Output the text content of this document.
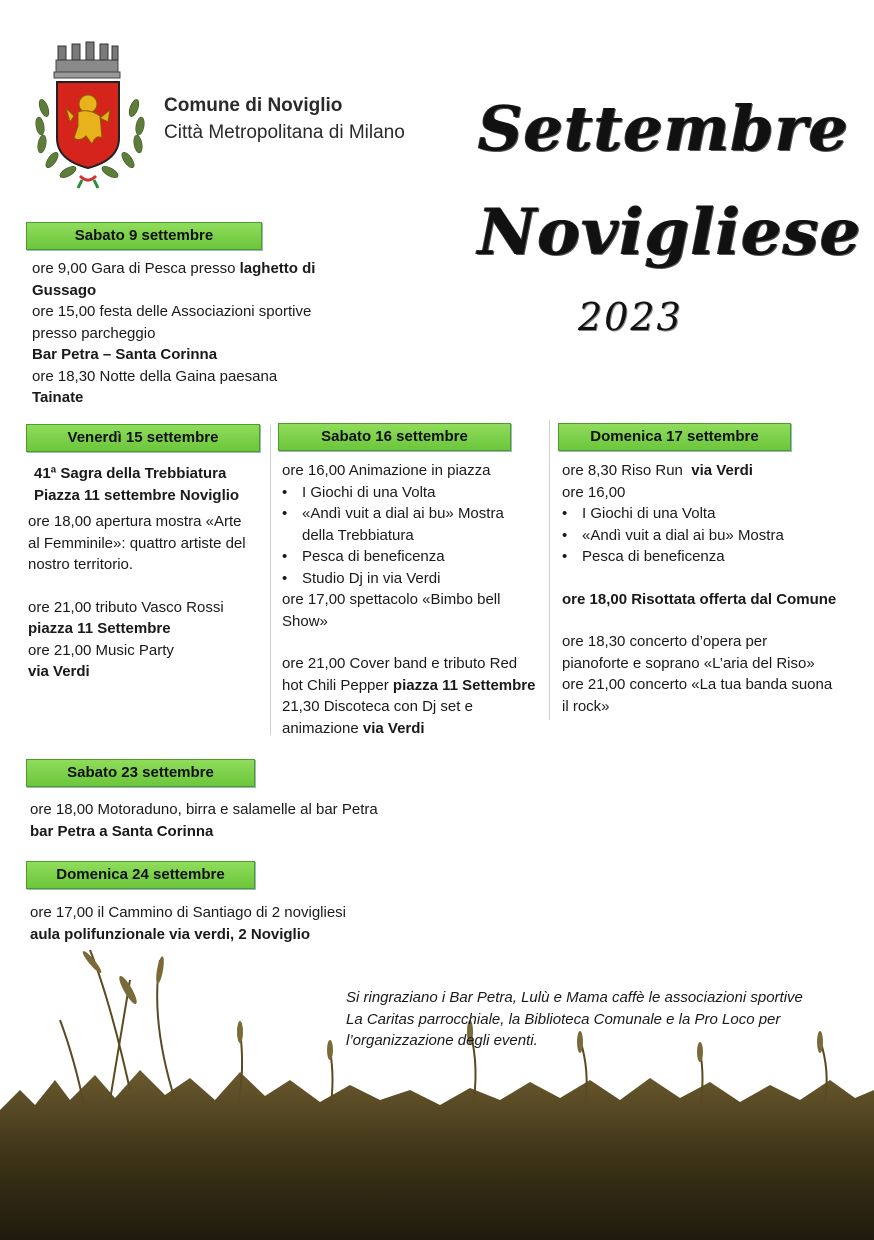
Comune di Noviglio
Città Metropolitana di Milano Settembre
Novigliese
2023
Sabato 9 settembre
ore 9,00 Gara di Pesca presso laghetto di
Gussago
ore 15,00 festa delle Associazioni sportive
presso parcheggio
Bar Petra – Santa Corinna
ore 18,30 Notte della Gaina paesana
Tainate
Venerdì 15 settembre
41ª Sagra della Trebbiatura
Piazza 11 settembre Noviglio
ore 18,00 apertura mostra «Arte
al Femminile»: quattro artiste del
nostro territorio.
ore 21,00 tributo Vasco Rossi
piazza 11 Settembre
ore 21,00 Music Party
via Verdi
Sabato 16 settembre
ore 16,00 Animazione in piazza
• I Giochi di una Volta
• «Andì vuit a dial ai bu» Mostra
della Trebbiatura
• Pesca di beneficenza
• Studio Dj in via Verdi
ore 17,00 spettacolo «Bimbo bell
Show»
ore 21,00 Cover band e tributo Red
hot Chili Pepper piazza 11 Settembre
21,30 Discoteca con Dj set e
animazione via Verdi
Domenica 17 settembre
ore 8,30 Riso Run  via Verdi
ore 16,00
• I Giochi di una Volta
• «Andì vuit a dial ai bu» Mostra
• Pesca di beneficenza
ore 18,00 Risottata offerta dal Comune
ore 18,30 concerto d’opera per
pianoforte e soprano «L’aria del Riso»
ore 21,00 concerto «La tua banda suona
il rock»
Sabato 23 settembre
ore 18,00 Motoraduno, birra e salamelle al bar Petra
bar Petra a Santa Corinna
Domenica 24 settembre
ore 17,00 il Cammino di Santiago di 2 novigliesi
aula polifunzionale via verdi, 2 Noviglio
Si ringraziano i Bar Petra, Lulù e Mama caffè le associazioni sportive
La Caritas parrocchiale, la Biblioteca Comunale e la Pro Loco per
l’organizzazione degli eventi.
